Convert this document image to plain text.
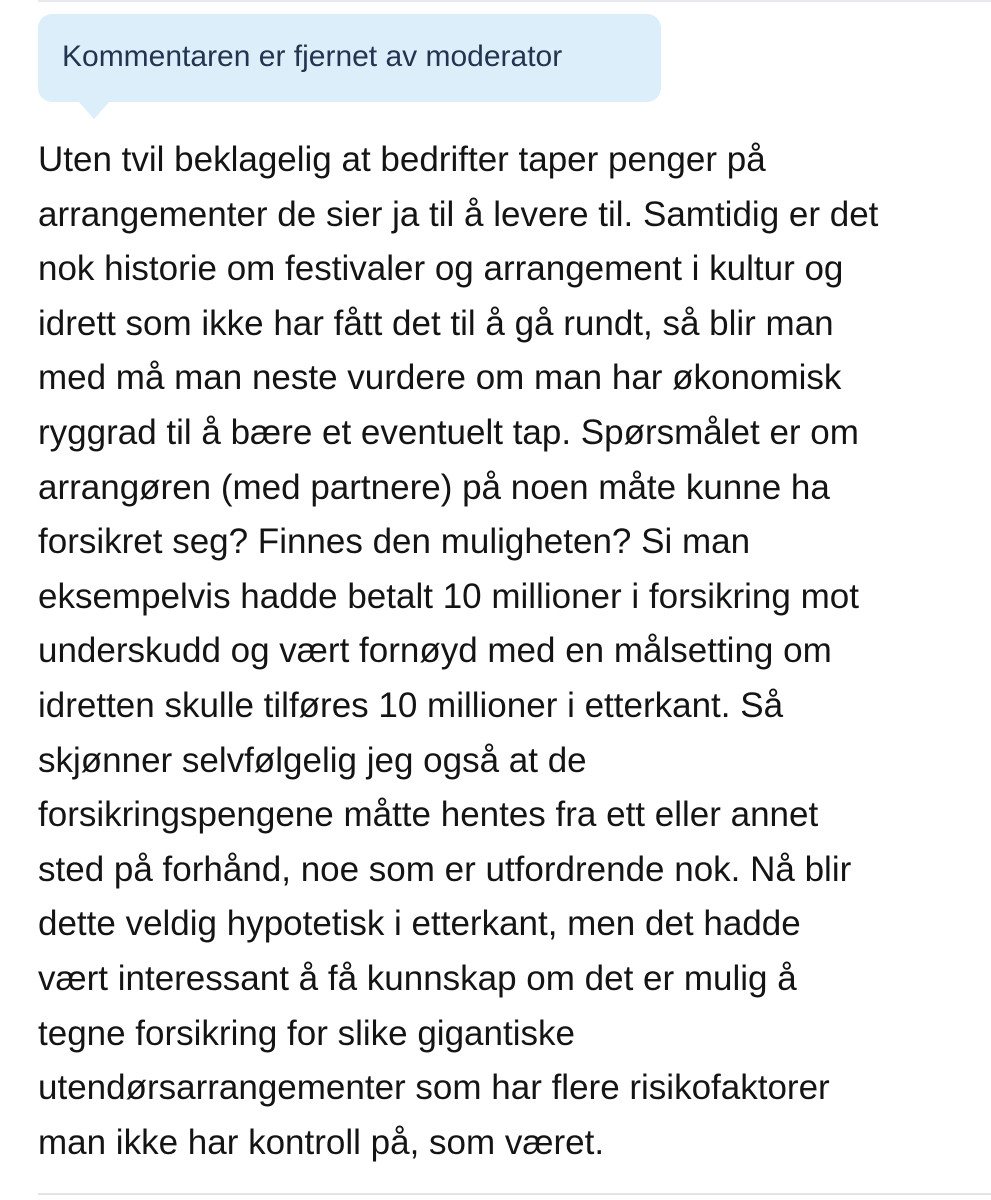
Kommentaren er fjernet av moderator
Uten tvil beklagelig at bedrifter taper penger på
arrangementer de sier ja til å levere til. Samtidig er det
nok historie om festivaler og arrangement i kultur og
idrett som ikke har fått det til å gå rundt, så blir man
med må man neste vurdere om man har økonomisk
ryggrad til å bære et eventuelt tap. Spørsmålet er om
arrangøren (med partnere) på noen måte kunne ha
forsikret seg? Finnes den muligheten? Si man
eksempelvis hadde betalt 10 millioner i forsikring mot
underskudd og vært fornøyd med en målsetting om
idretten skulle tilføres 10 millioner i etterkant. Så
skjønner selvfølgelig jeg også at de
forsikringspengene måtte hentes fra ett eller annet
sted på forhånd, noe som er utfordrende nok. Nå blir
dette veldig hypotetisk i etterkant, men det hadde
vært interessant å få kunnskap om det er mulig å
tegne forsikring for slike gigantiske
utendørsarrangementer som har flere risikofaktorer
man ikke har kontroll på, som været.
